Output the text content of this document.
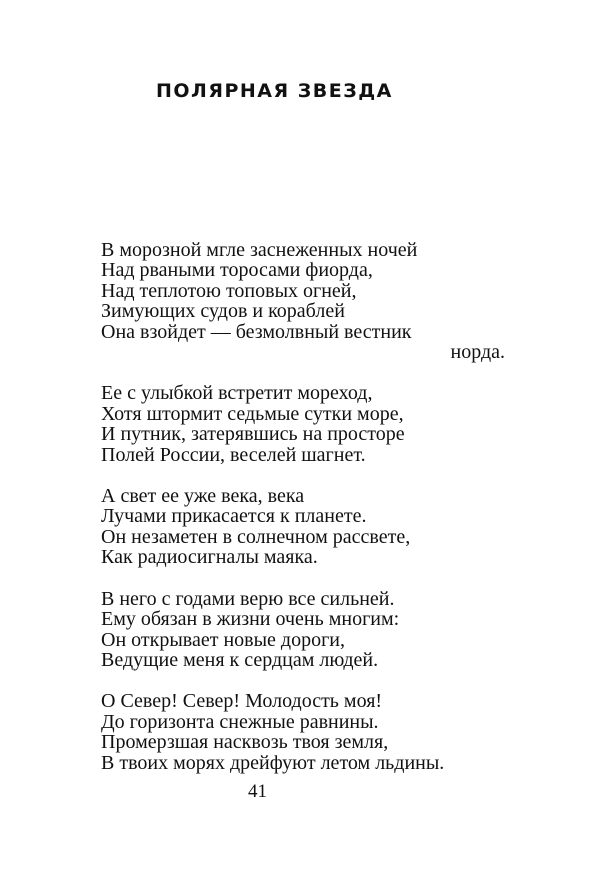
ПОЛЯРНАЯ ЗВЕЗДА
В морозной мгле заснеженных ночей
Над рваными торосами фиорда,
Над теплотою топовых огней,
Зимующих судов и кораблей
Она взойдет — безмолвный вестник
норда.
Ее с улыбкой встретит мореход,
Хотя штормит седьмые сутки море,
И путник, затерявшись на просторе
Полей России, веселей шагнет.
А свет ее уже века, века
Лучами прикасается к планете.
Он незаметен в солнечном рассвете,
Как радиосигналы маяка.
В него с годами верю все сильней.
Ему обязан в жизни очень многим:
Он открывает новые дороги,
Ведущие меня к сердцам людей.
О Север! Север! Молодость моя!
До горизонта снежные равнины.
Промерзшая насквозь твоя земля,
В твоих морях дрейфуют летом льдины.
41
